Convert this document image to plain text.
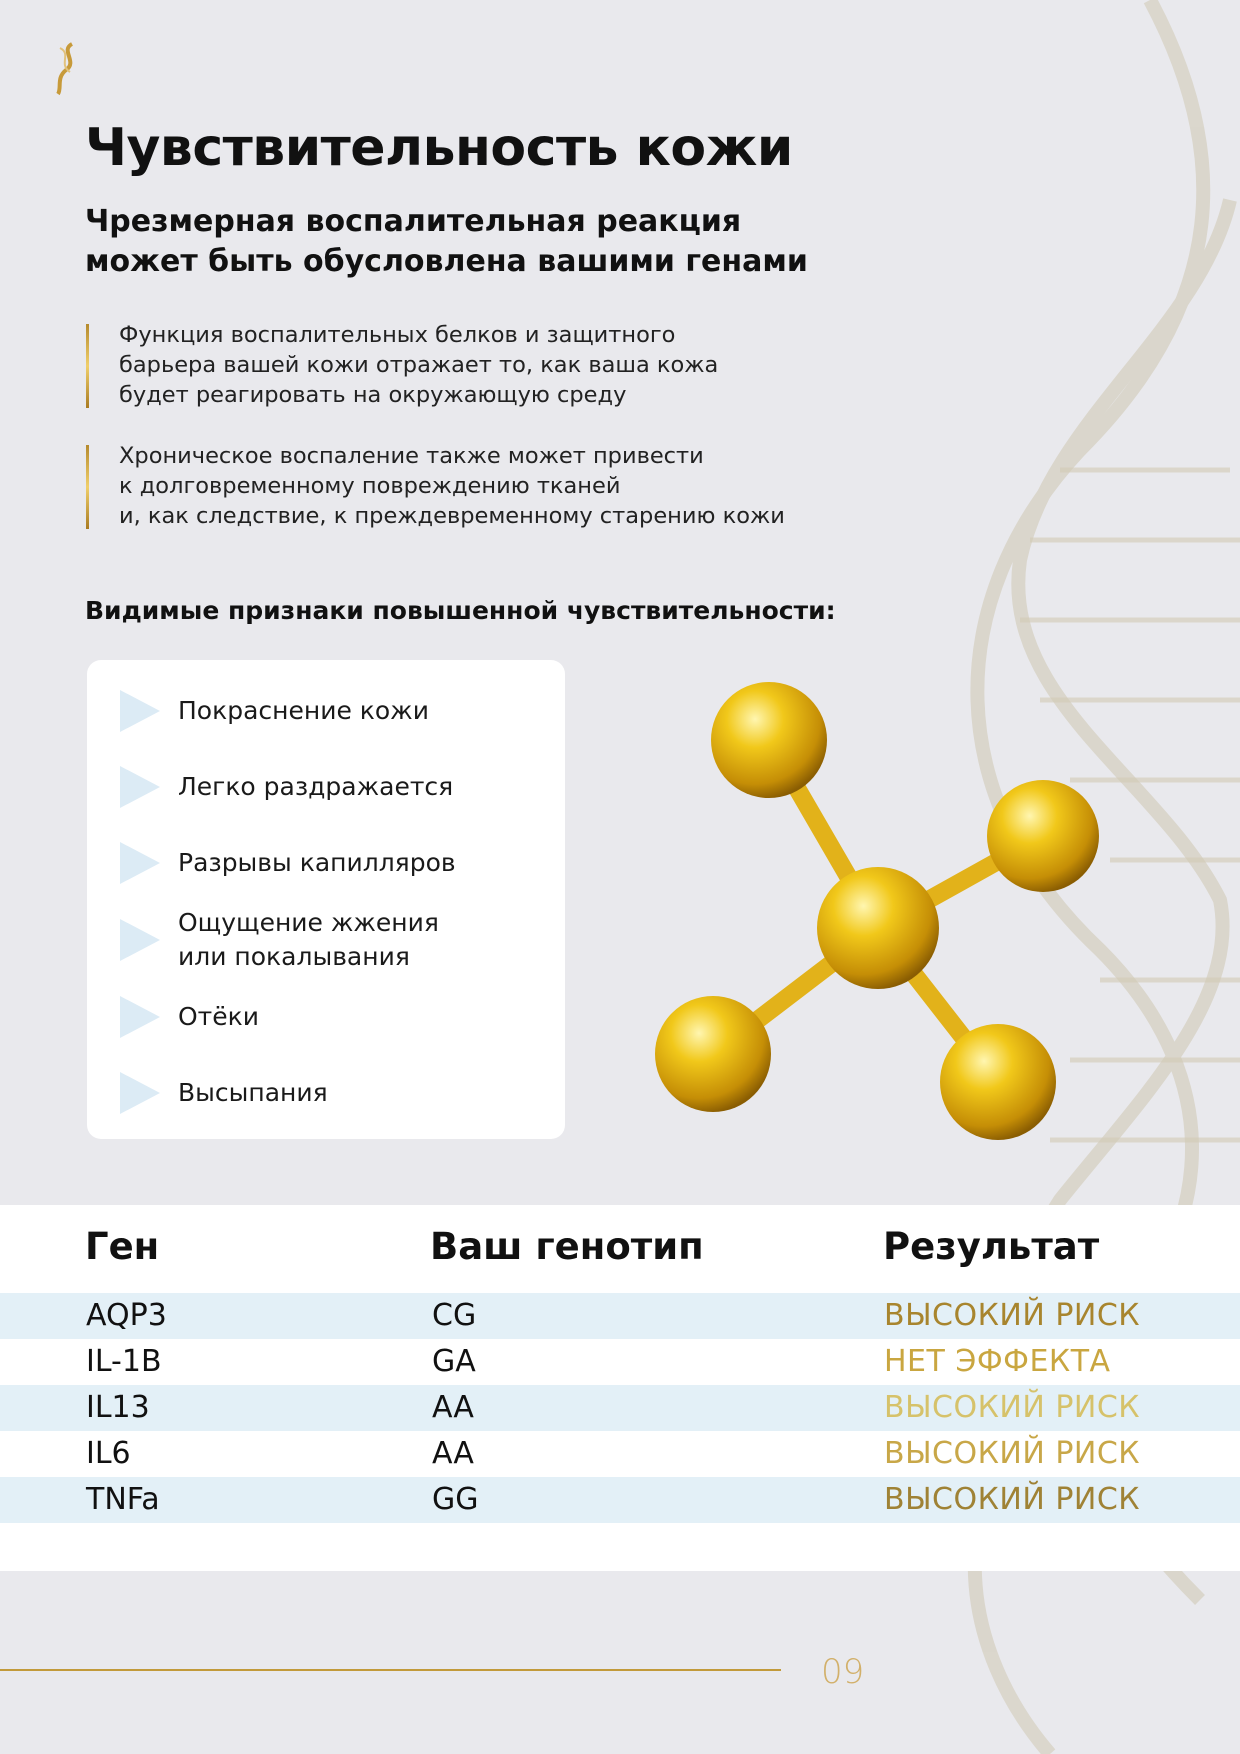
Чувствительность кожи
Чрезмерная воспалительная реакция
может быть обусловлена вашими генами
Функция воспалительных белков и защитного
барьера вашей кожи отражает то, как ваша кожа
будет реагировать на окружающую среду
Хроническое воспаление также может привести
к долговременному повреждению тканей
и, как следствие, к преждевременному старению кожи
Видимые признаки повышенной чувствительности:
Покраснение кожи
Легко раздражается
Разрывы капилляров
Ощущение жжения
или покалывания
Отёки
Высыпания
Ген	Ваш генотип	Результат
AQP3	CG	ВЫСОКИЙ РИСК
IL-1B	GA	НЕТ ЭФФЕКТА
IL13	AA	ВЫСОКИЙ РИСК
IL6	AA	ВЫСОКИЙ РИСК
TNFa	GG	ВЫСОКИЙ РИСК
09
